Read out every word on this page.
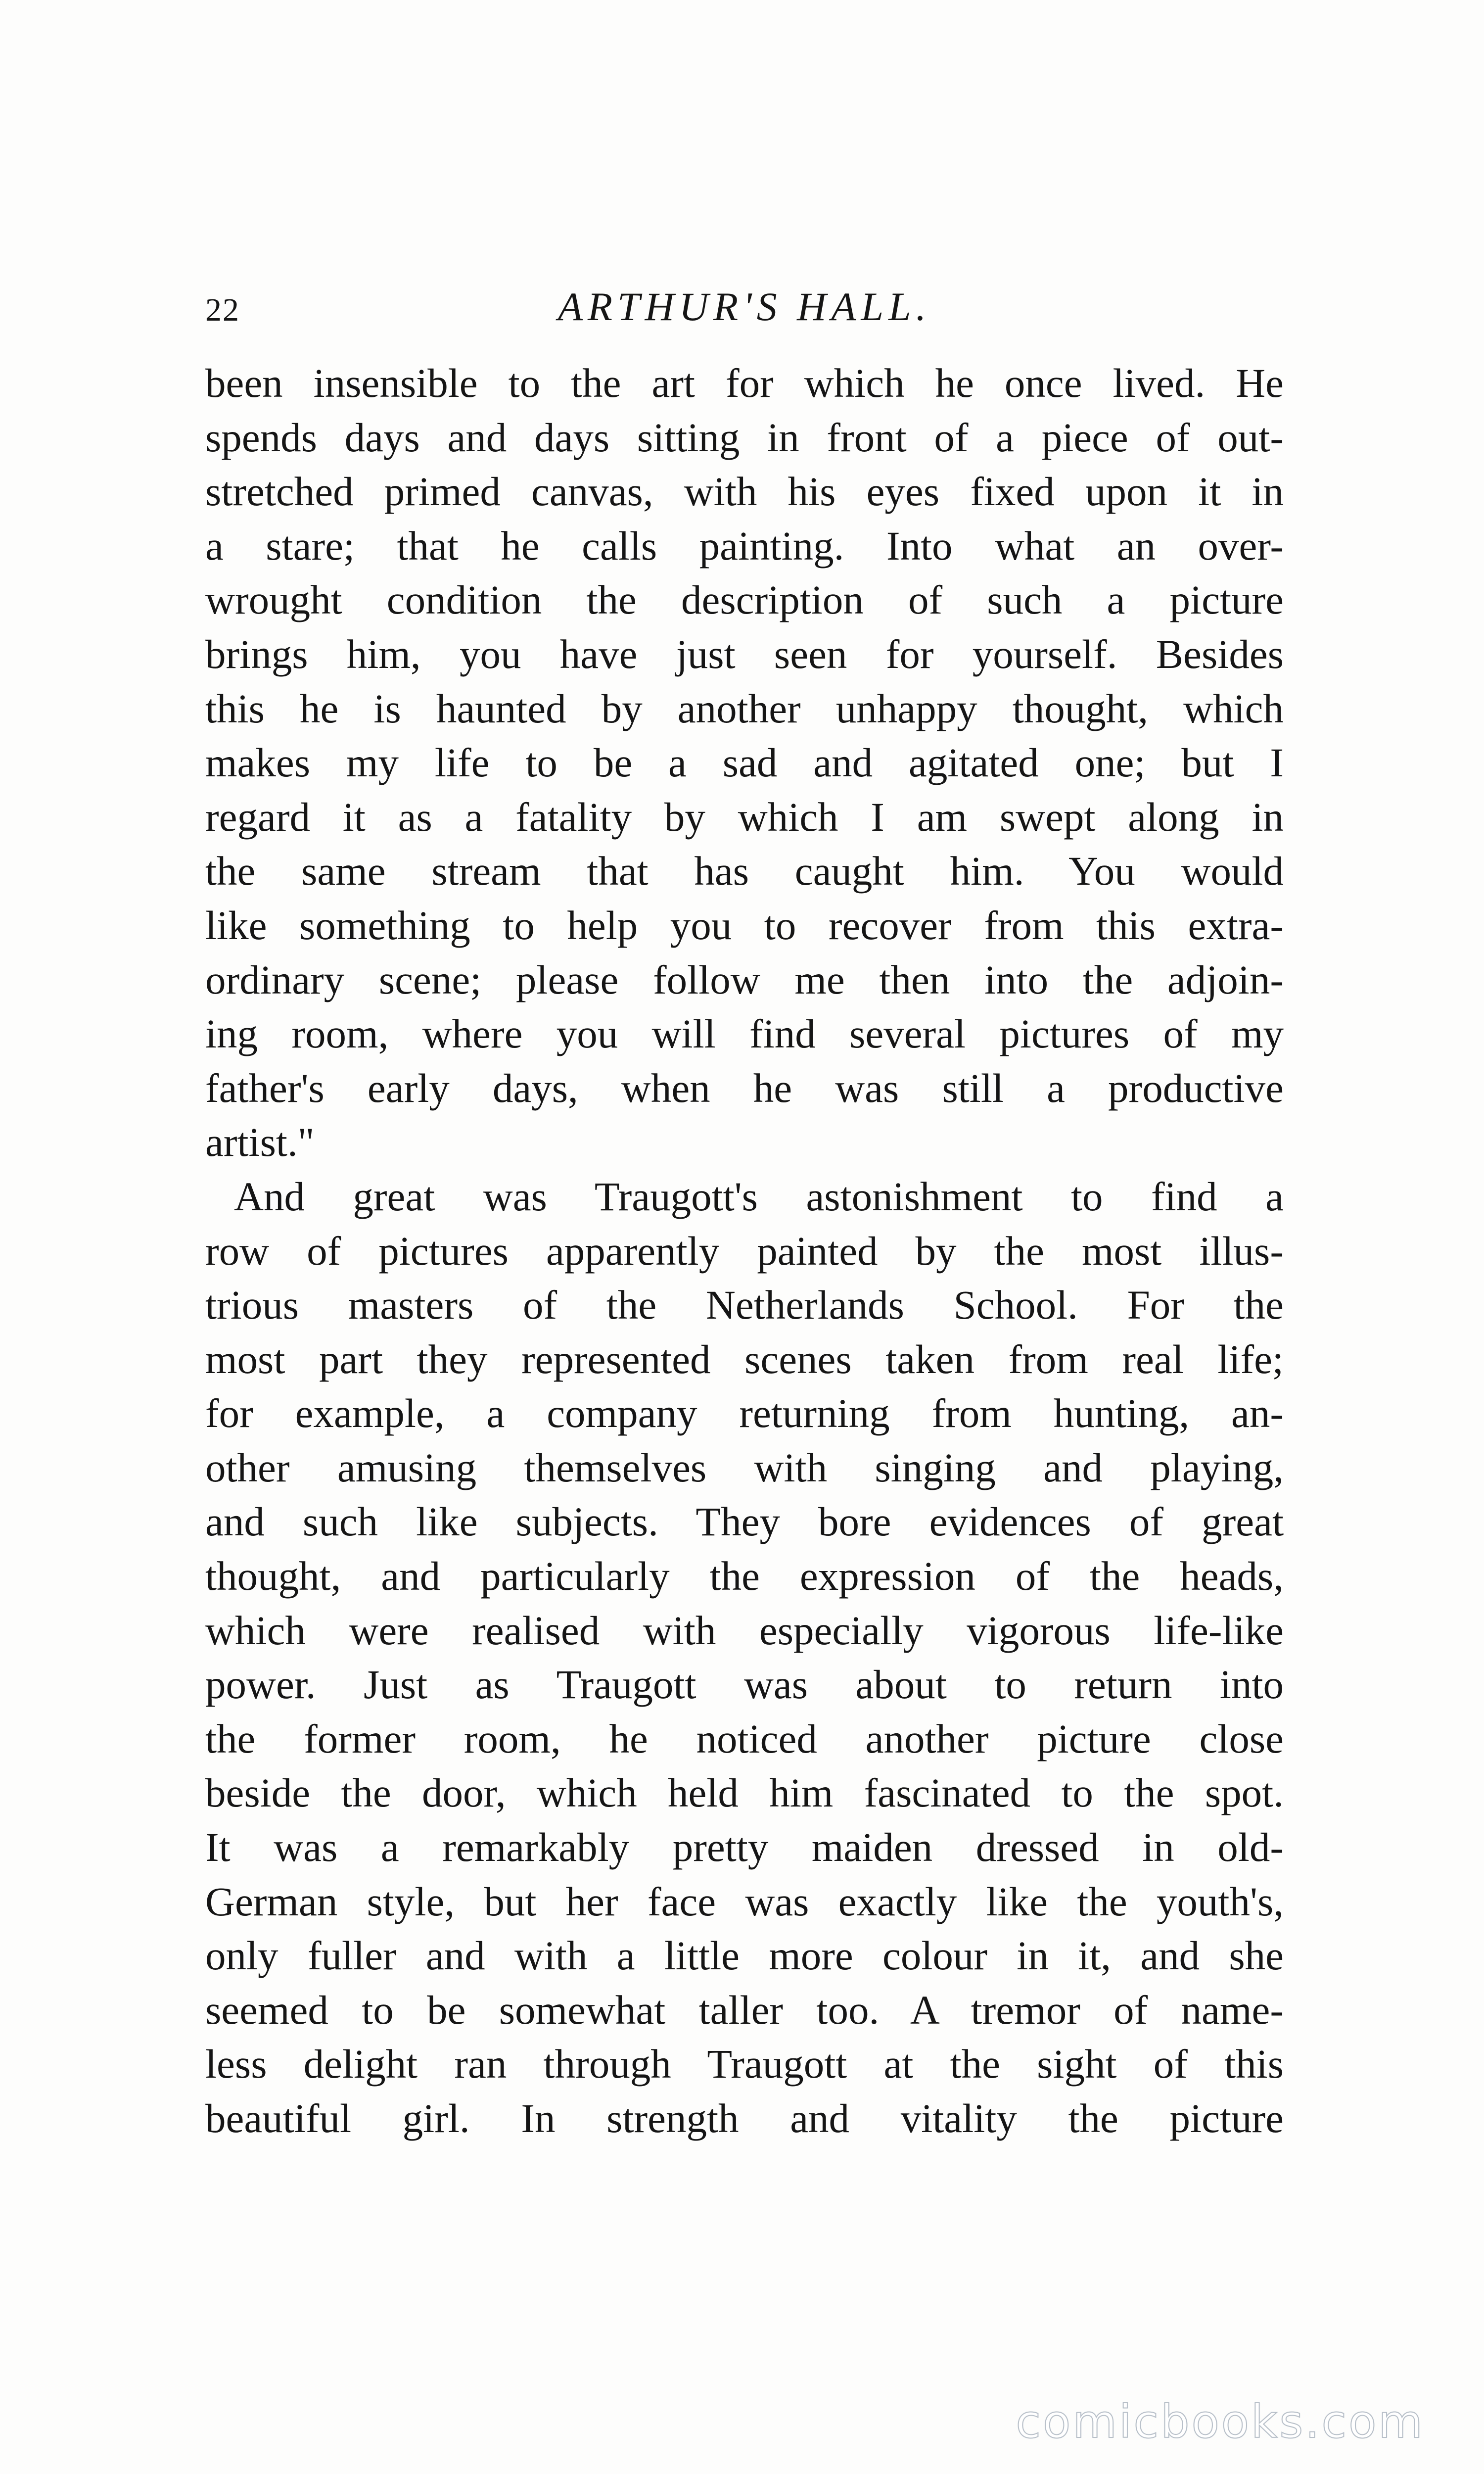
22	ARTHUR'S HALL.
been insensible to the art for which he once lived. He
spends days and days sitting in front of a piece of out-
stretched primed canvas, with his eyes fixed upon it in
a stare; that he calls painting. Into what an over-
wrought condition the description of such a picture
brings him, you have just seen for yourself. Besides
this he is haunted by another unhappy thought, which
makes my life to be a sad and agitated one; but I
regard it as a fatality by which I am swept along in
the same stream that has caught him. You would
like something to help you to recover from this extra-
ordinary scene; please follow me then into the adjoin-
ing room, where you will find several pictures of my
father's early days, when he was still a productive
artist."
And great was Traugott's astonishment to find a
row of pictures apparently painted by the most illus-
trious masters of the Netherlands School. For the
most part they represented scenes taken from real life;
for example, a company returning from hunting, an-
other amusing themselves with singing and playing,
and such like subjects. They bore evidences of great
thought, and particularly the expression of the heads,
which were realised with especially vigorous life-like
power. Just as Traugott was about to return into
the former room, he noticed another picture close
beside the door, which held him fascinated to the spot.
It was a remarkably pretty maiden dressed in old-
German style, but her face was exactly like the youth's,
only fuller and with a little more colour in it, and she
seemed to be somewhat taller too. A tremor of name-
less delight ran through Traugott at the sight of this
beautiful girl. In strength and vitality the picture
comicbooks.com
